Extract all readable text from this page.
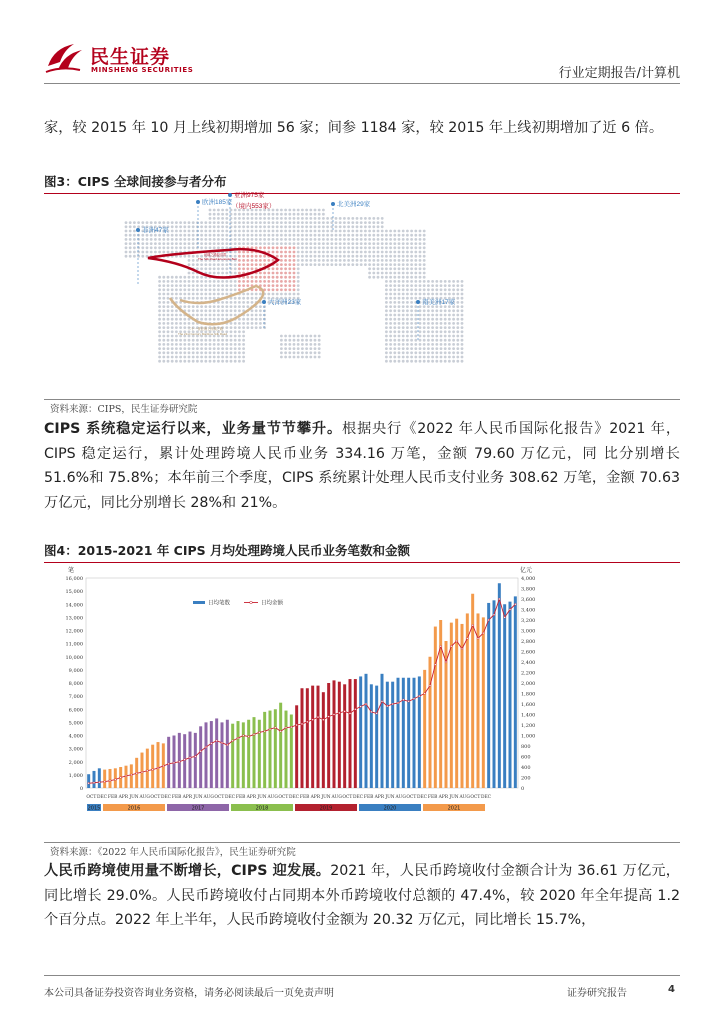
民生证券
MINSHENG SECURITIES	行业定期报告/计算机
家，较 2015 年 10 月上线初期增加 56 家；间参 1184 家，较 2015 年上线初期增加了近 6 倍。
图3：CIPS 全球间接参与者分布
欧洲185家
亚洲975家
（境内553家）
非洲47家
北美洲29家
大洋洲23家	南美洲17家
丝绸之路经济带
The Silk Road Economic Belt
二十一世纪海上丝绸之路
The 21st Century Maritime Silk Road
资料来源：CIPS，民生证券研究院
CIPS 系统稳定运行以来，业务量节节攀升。根据央行《2022 年人民币国际化报告》2021 年，CIPS 稳定运行，累计处理跨境人民币业务 334.16 万笔，金额 79.60 万亿元，同 比分别增长 51.6%和 75.8%；本年前三个季度，CIPS 系统累计处理人民币支付业务 308.62 万笔，金额 70.63 万亿元，同比分别增长 28%和 21%。
图4：2015-2021 年 CIPS 月均处理跨境人民币业务笔数和金额
0
1,000
2,000
3,000
4,000
5,000
6,000
7,000
8,000
9,000
10,000
11,000
12,000
13,000
14,000
15,000
16,000
0
200
400
600
800
1,000
1,200
1,400
1,600
1,800
2,000
2,200
2,400
2,600
2,800
3,000
3,200
3,400
3,600
3,800
4,000
笔	亿元
OCT DEC FEB APR JUN AUG OCT DEC FEB APR JUN AUG OCT DEC FEB APR JUN AUG OCT DEC FEB APR JUN AUG OCT DEC FEB APR JUN AUG OCT DEC FEB APR JUN AUG OCT DEC
2015	2016	2017	2018	2019	2020	2021
日均笔数	日均金额
资料来源：《2022 年人民币国际化报告》，民生证券研究院
人民币跨境使用量不断增长，CIPS 迎发展。2021 年，人民币跨境收付金额合计为 36.61 万亿元，同比增长 29.0%。人民币跨境收付占同期本外币跨境收付总额的 47.4%，较 2020 年全年提高 1.2 个百分点。2022 年上半年，人民币跨境收付金额为 20.32 万亿元，同比增长 15.7%，
本公司具备证券投资咨询业务资格，请务必阅读最后一页免责声明	证券研究报告	4
